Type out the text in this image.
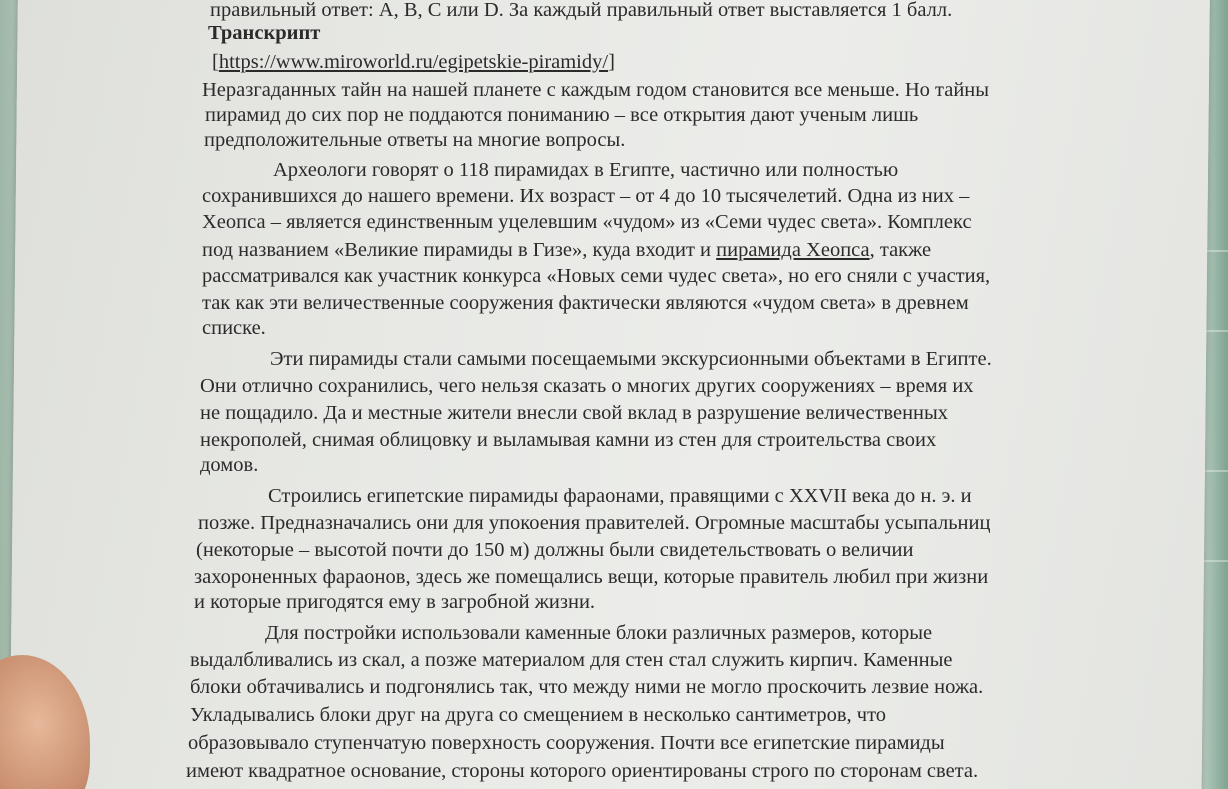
правильный ответ: A, B, C или D. За каждый правильный ответ выставляется 1 балл.
Транскрипт
[https://www.miroworld.ru/egipetskie-piramidy/]
Неразгаданных тайн на нашей планете с каждым годом становится все меньше. Но тайны
пирамид до сих пор не поддаются пониманию – все открытия дают ученым лишь
предположительные ответы на многие вопросы.
Археологи говорят о 118 пирамидах в Египте, частично или полностью
сохранившихся до нашего времени. Их возраст – от 4 до 10 тысячелетий. Одна из них –
Хеопса – является единственным уцелевшим «чудом» из «Семи чудес света». Комплекс
под названием «Великие пирамиды в Гизе», куда входит и пирамида Хеопса, также
рассматривался как участник конкурса «Новых семи чудес света», но его сняли с участия,
так как эти величественные сооружения фактически являются «чудом света» в древнем
списке.
Эти пирамиды стали самыми посещаемыми экскурсионными объектами в Египте.
Они отлично сохранились, чего нельзя сказать о многих других сооружениях – время их
не пощадило. Да и местные жители внесли свой вклад в разрушение величественных
некрополей, снимая облицовку и выламывая камни из стен для строительства своих
домов.
Строились египетские пирамиды фараонами, правящими с XXVII века до н. э. и
позже. Предназначались они для упокоения правителей. Огромные масштабы усыпальниц
(некоторые – высотой почти до 150 м) должны были свидетельствовать о величии
захороненных фараонов, здесь же помещались вещи, которые правитель любил при жизни
и которые пригодятся ему в загробной жизни.
Для постройки использовали каменные блоки различных размеров, которые
выдалбливались из скал, а позже материалом для стен стал служить кирпич. Каменные
блоки обтачивались и подгонялись так, что между ними не могло проскочить лезвие ножа.
Укладывались блоки друг на друга со смещением в несколько сантиметров, что
образовывало ступенчатую поверхность сооружения. Почти все египетские пирамиды
имеют квадратное основание, стороны которого ориентированы строго по сторонам света.
